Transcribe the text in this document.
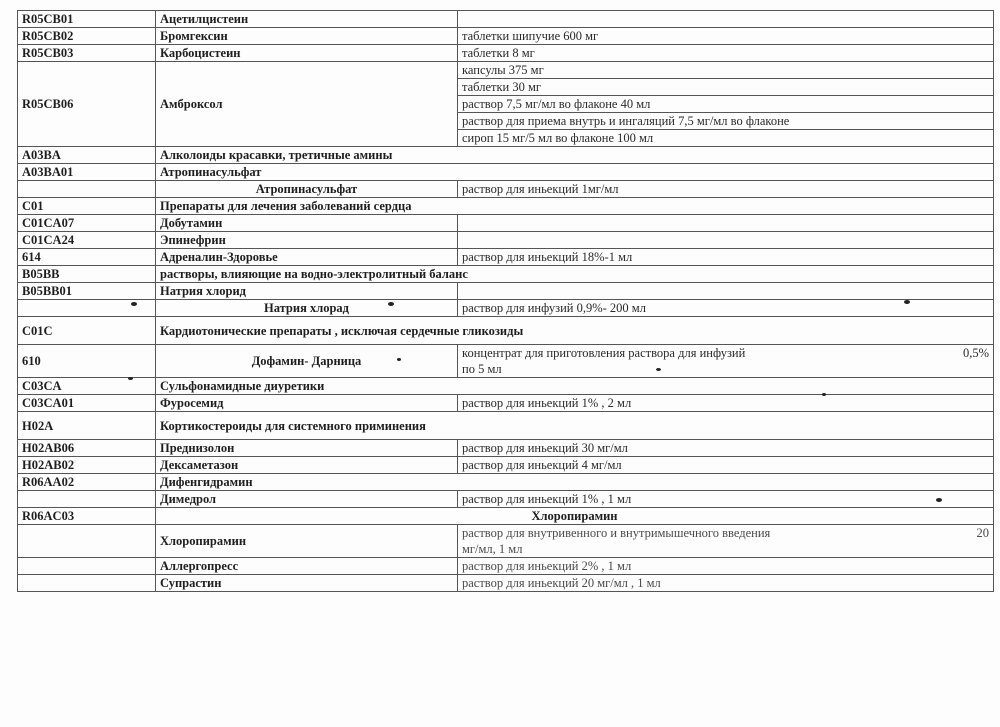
R05CB01	Ацетилцистеин	
R05CB02	Бромгексин	таблетки шипучие 600 мг
R05CB03	Карбоцистеин	таблетки 8 мг
R05CB06	Амброксол	капсулы 375 мг
		таблетки 30 мг
		раствор 7,5 мг/мл во флаконе 40 мл
		раствор для приема внутрь и ингаляций 7,5 мг/мл во флаконе
		сироп 15 мг/5 мл во флаконе 100 мл
A03BA	Алколоиды красавки, третичные амины	
A03BA01	Атропинасульфат	
	Атропинасульфат	раствор для иньекций 1мг/мл
C01	Препараты для лечения заболеваний сердца	
C01CA07	Добутамин	
C01CA24	Эпинефрин	
614	Адреналин-Здоровье	раствор для иньекций 18%-1 мл
B05BB	растворы, влияющие на водно-электролитный баланс	
B05BB01	Натрия хлорид	
	Натрия хлорад	раствор для инфузий 0,9%- 200 мл
C01C	Кардиотонические препараты , исключая сердечные гликозиды	
610	Дофамин- Дарница	концентрат для приготовления раствора для инфузий 0,5%
по 5 мл

C03CA	Сульфонамидные диуретики	
C03CA01	Фуросемид	раствор для иньекций 1% , 2 мл
H02A	Кортикостероиды для системного приминения	
H02AB06	Преднизолон	раствор для иньекций 30 мг/мл
H02AB02	Дексаметазон	раствор для иньекций 4 мг/мл
R06AA02	Дифенгидрамин	
	Димедрол	раствор для иньекций 1% , 1 мл
R06AC03	Хлоропирамин	
	Хлоропирамин	раствор для внутривенного и внутримышечного введения 20
мг/мл, 1 мл

	Аллергопресс	раствор для иньекций 2% , 1 мл
	Супрастин	раствор для иньекций 20 мг/мл , 1 мл
